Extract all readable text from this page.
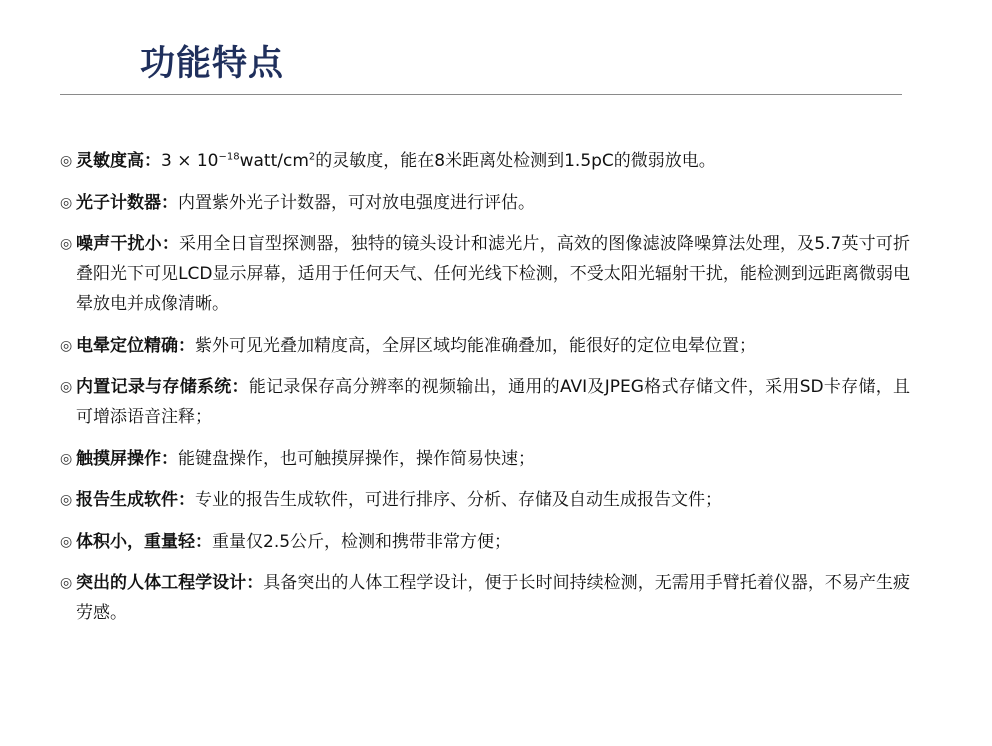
功能特点
◎ 灵敏度高：$3 \times 10^{-18}watt/cm^2$的灵敏度，能在8米距离处检测到1.5pC的微弱放电。
◎ 光子计数器：内置紫外光子计数器，可对放电强度进行评估。
◎ 噪声干扰小：采用全日盲型探测器，独特的镜头设计和滤光片，高效的图像滤波降噪算法处理，及5.7英寸可折叠阳光下可见LCD显示屏幕，适用于任何天气、任何光线下检测，不受太阳光辐射干扰，能检测到远距离微弱电晕放电并成像清晰。
◎ 电晕定位精确：紫外可见光叠加精度高，全屏区域均能准确叠加，能很好的定位电晕位置；
◎ 内置记录与存储系统：能记录保存高分辨率的视频输出，通用的AVI及JPEG格式存储文件，采用SD卡存储，且可增添语音注释；
◎ 触摸屏操作：能键盘操作，也可触摸屏操作，操作简易快速；
◎ 报告生成软件：专业的报告生成软件，可进行排序、分析、存储及自动生成报告文件；
◎ 体积小，重量轻：重量仅2.5公斤，检测和携带非常方便；
◎ 突出的人体工程学设计：具备突出的人体工程学设计，便于长时间持续检测，无需用手臂托着仪器，不易产生疲劳感。
